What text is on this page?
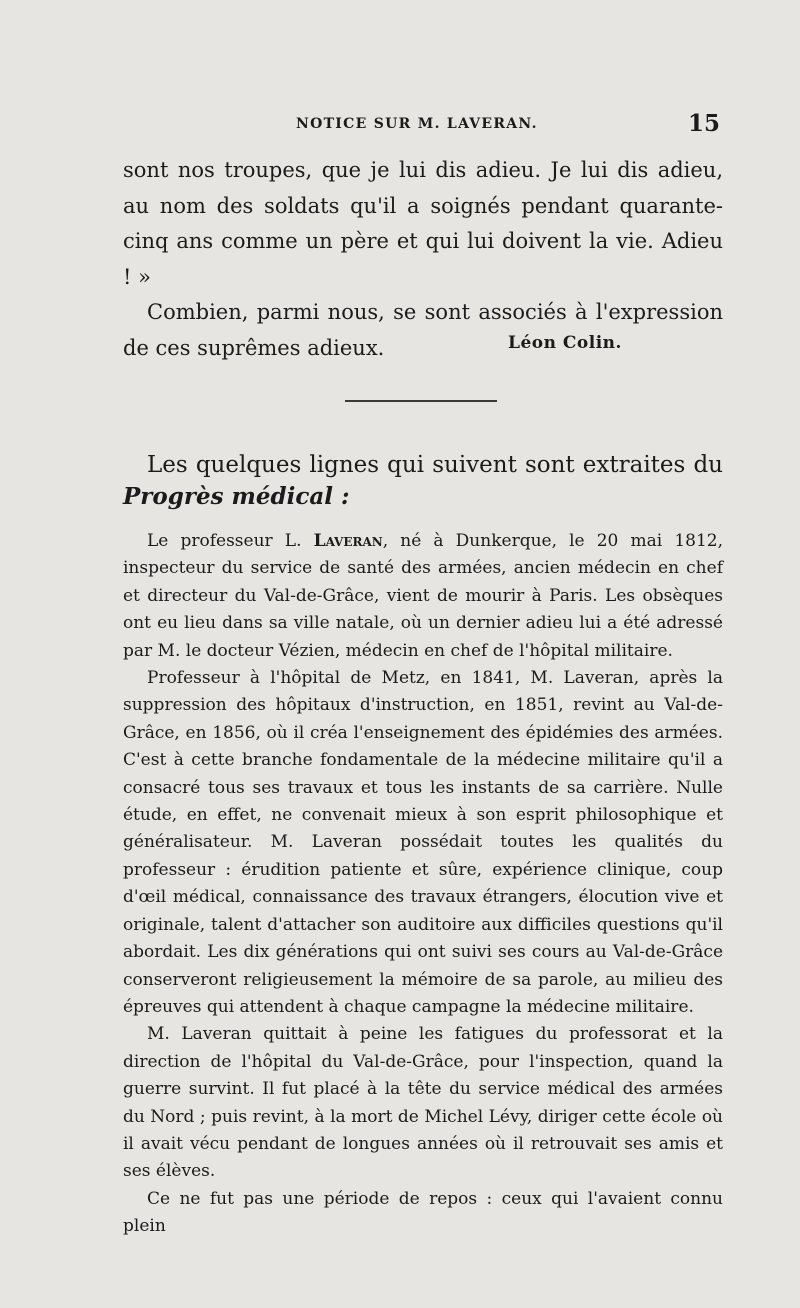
NOTICE SUR M. LAVERAN.	15

sont nos troupes, que je lui dis adieu. Je lui dis adieu, au nom des soldats qu'il a soignés pendant quarante-cinq ans comme un père et qui lui doivent la vie. Adieu ! »

Combien, parmi nous, se sont associés à l'expression de ces suprêmes adieux.	Léon Colin.
Les quelques lignes qui suivent sont extraites du Progrès médical :

Le professeur L. Laveran, né à Dunkerque, le 20 mai 1812, inspecteur du service de santé des armées, ancien médecin en chef et directeur du Val-de-Grâce, vient de mourir à Paris. Les obsèques ont eu lieu dans sa ville natale, où un dernier adieu lui a été adressé par M. le docteur Vézien, médecin en chef de l'hôpital militaire.

Professeur à l'hôpital de Metz, en 1841, M. Laveran, après la suppression des hôpitaux d'instruction, en 1851, revint au Val-de-Grâce, en 1856, où il créa l'enseignement des épidémies des armées. C'est à cette branche fondamentale de la médecine militaire qu'il a consacré tous ses travaux et tous les instants de sa carrière. Nulle étude, en effet, ne convenait mieux à son esprit philosophique et généralisateur. M. Laveran possédait toutes les qualités du professeur : érudition patiente et sûre, expérience clinique, coup d'œil médical, connaissance des travaux étrangers, élocution vive et originale, talent d'attacher son auditoire aux difficiles questions qu'il abordait. Les dix générations qui ont suivi ses cours au Val-de-Grâce conserveront religieusement la mémoire de sa parole, au milieu des épreuves qui attendent à chaque campagne la médecine militaire.

M. Laveran quittait à peine les fatigues du professorat et la direction de l'hôpital du Val-de-Grâce, pour l'inspection, quand la guerre survint. Il fut placé à la tête du service médical des armées du Nord ; puis revint, à la mort de Michel Lévy, diriger cette école où il avait vécu pendant de longues années où il retrouvait ses amis et ses élèves.

Ce ne fut pas une période de repos : ceux qui l'avaient connu plein
